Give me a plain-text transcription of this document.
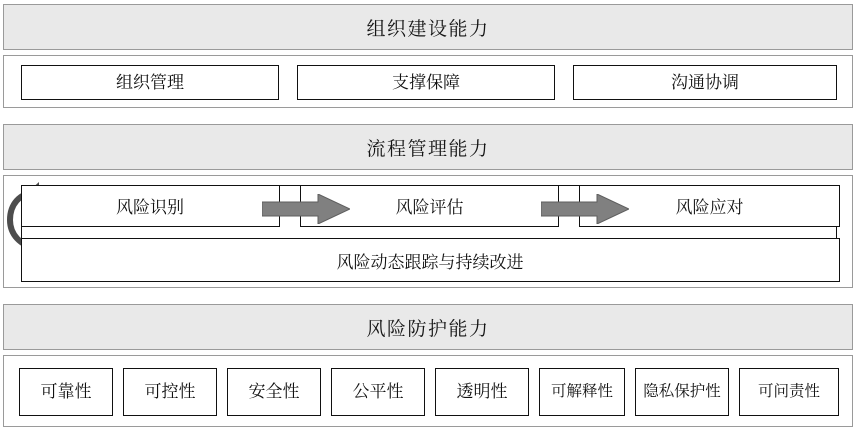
组织建设能力
组织管理	支撑保障	沟通协调
流程管理能力
风险识别	风险评估	风险应对
风险动态跟踪与持续改进
风险防护能力
可靠性	可控性	安全性	公平性	透明性	可解释性	隐私保护性	可问责性
